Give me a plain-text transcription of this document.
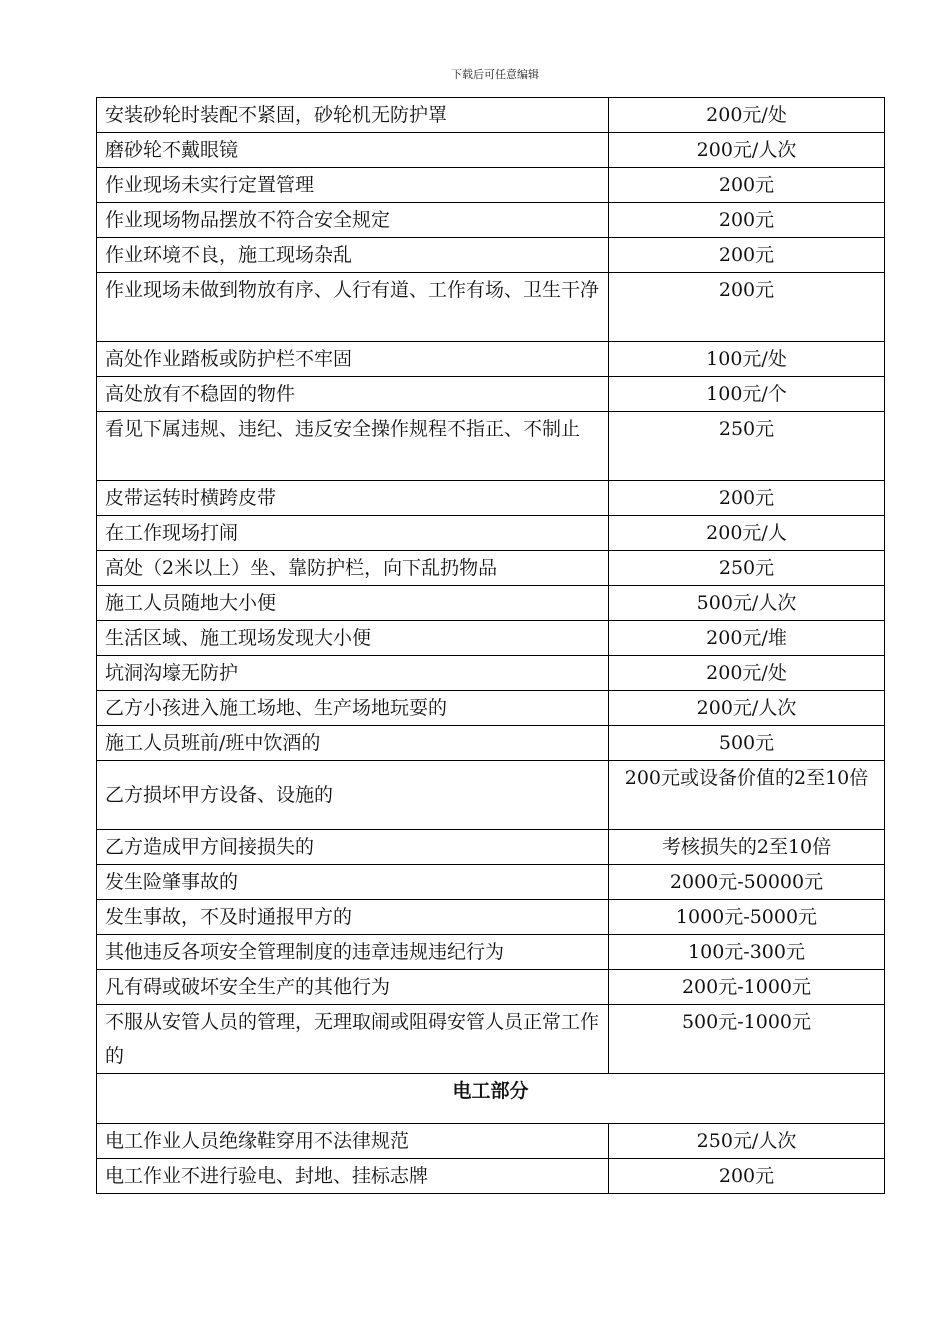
下载后可任意编辑
安装砂轮时装配不紧固，砂轮机无防护罩	200元/处
磨砂轮不戴眼镜	200元/人次
作业现场未实行定置管理	200元
作业现场物品摆放不符合安全规定	200元
作业环境不良，施工现场杂乱	200元
作业现场未做到物放有序、人行有道、工作有场、卫生干净	200元
高处作业踏板或防护栏不牢固	100元/处
高处放有不稳固的物件	100元/个
看见下属违规、违纪、违反安全操作规程不指正、不制止	250元
皮带运转时横跨皮带	200元
在工作现场打闹	200元/人
高处（2米以上）坐、靠防护栏，向下乱扔物品	250元
施工人员随地大小便	500元/人次
生活区域、施工现场发现大小便	200元/堆
坑洞沟壕无防护	200元/处
乙方小孩进入施工场地、生产场地玩耍的	200元/人次
施工人员班前/班中饮酒的	500元
乙方损坏甲方设备、设施的	200元或设备价值的2至10倍
乙方造成甲方间接损失的	考核损失的2至10倍
发生险肇事故的	2000元-50000元
发生事故，不及时通报甲方的	1000元-5000元
其他违反各项安全管理制度的违章违规违纪行为	100元-300元
凡有碍或破坏安全生产的其他行为	200元-1000元
不服从安管人员的管理，无理取闹或阻碍安管人员正常工作的	500元-1000元
电工部分	
电工作业人员绝缘鞋穿用不法律规范	250元/人次
电工作业不进行验电、封地、挂标志牌	200元
